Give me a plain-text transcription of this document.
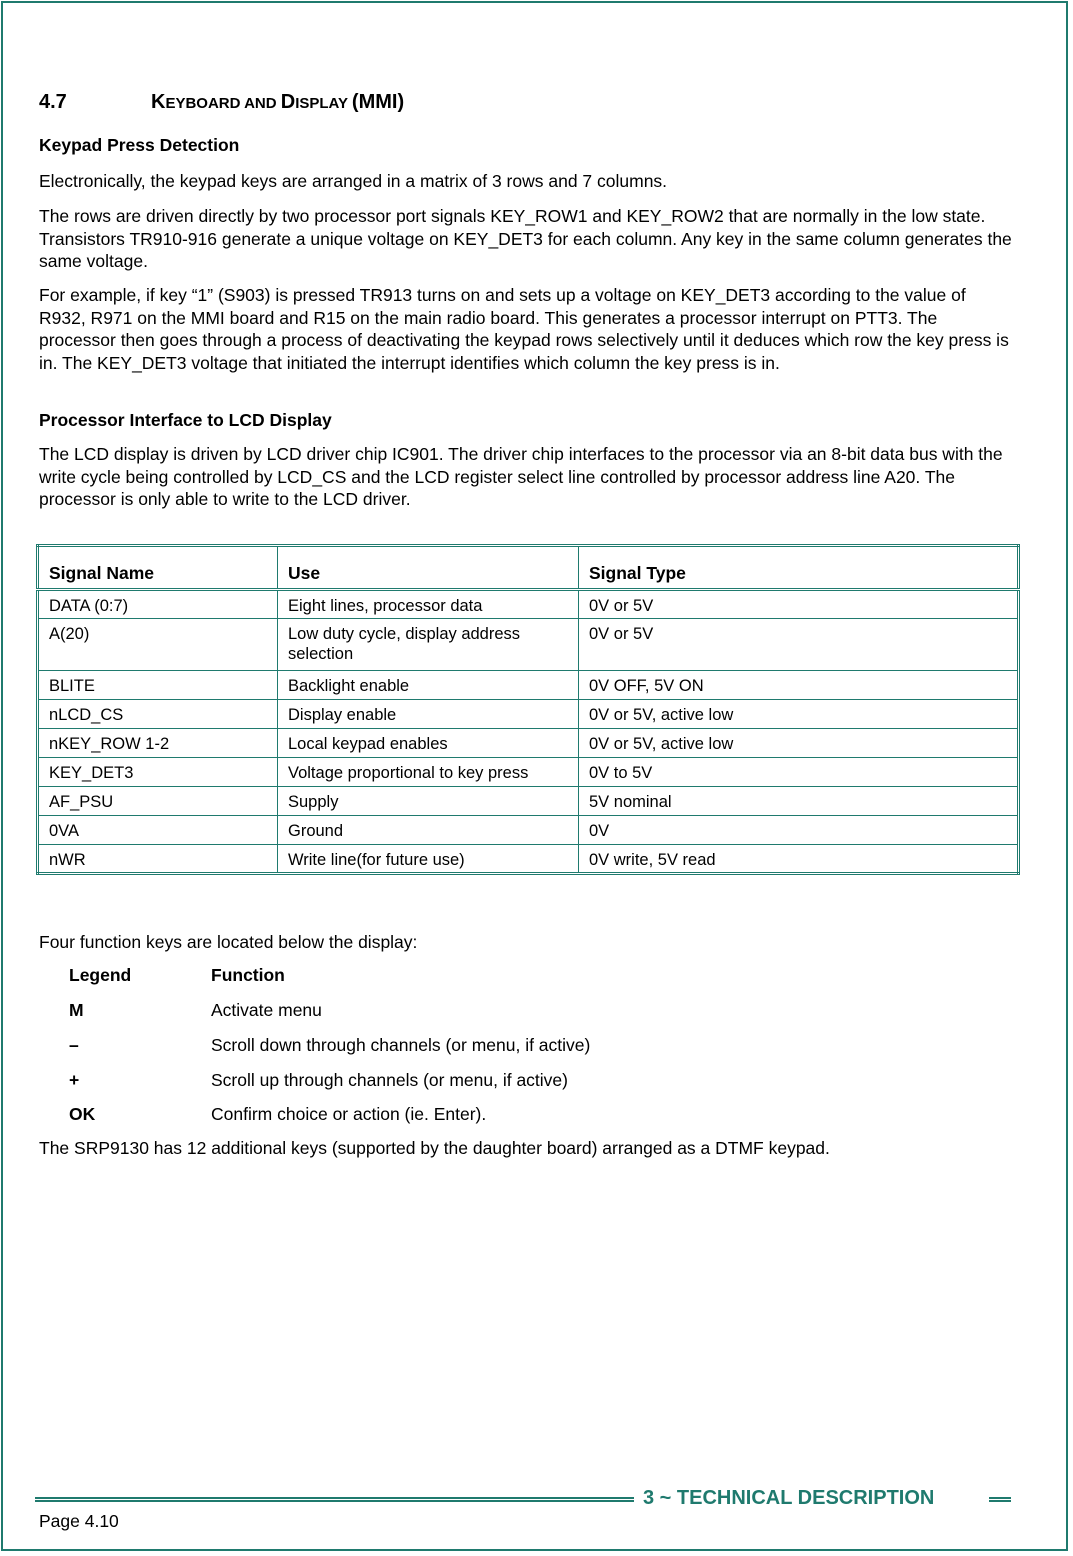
4.7	KEYBOARD AND DISPLAY (MMI)
Keypad Press Detection
Electronically, the keypad keys are arranged in a matrix of 3 rows and 7 columns.
The rows are driven directly by two processor port signals KEY_ROW1 and KEY_ROW2 that are normally in the low state. Transistors TR910-916 generate a unique voltage on KEY_DET3 for each column. Any key in the same column generates the same voltage.
For example, if key “1” (S903) is pressed TR913 turns on and sets up a voltage on KEY_DET3 according to the value of R932, R971 on the MMI board and R15 on the main radio board. This generates a processor interrupt on PTT3. The processor then goes through a process of deactivating the keypad rows selectively until it deduces which row the key press is in. The KEY_DET3 voltage that initiated the interrupt identifies which column the key press is in.
Processor Interface to LCD Display
The LCD display is driven by LCD driver chip IC901. The driver chip interfaces to the processor via an 8-bit data bus with the write cycle being controlled by LCD_CS and the LCD register select line controlled by processor address line A20. The processor is only able to write to the LCD driver.
Signal Name	Use	Signal Type
DATA (0:7)	Eight lines, processor data	0V or 5V
A(20)	Low duty cycle, display address selection	0V or 5V
BLITE	Backlight enable	0V OFF, 5V ON
nLCD_CS	Display enable	0V or 5V, active low
nKEY_ROW 1-2	Local keypad enables	0V or 5V, active low
KEY_DET3	Voltage proportional to key press	0V to 5V
AF_PSU	Supply	5V nominal
0VA	Ground	0V
nWR	Write line(for future use)	0V write, 5V read
Four function keys are located below the display:
Legend	Function
M	Activate menu
–	Scroll down through channels (or menu, if active)
+	Scroll up through channels (or menu, if active)
OK	Confirm choice or action (ie. Enter).
The SRP9130 has 12 additional keys (supported by the daughter board) arranged as a DTMF keypad.
3 ~ TECHNICAL DESCRIPTION
Page 4.10
